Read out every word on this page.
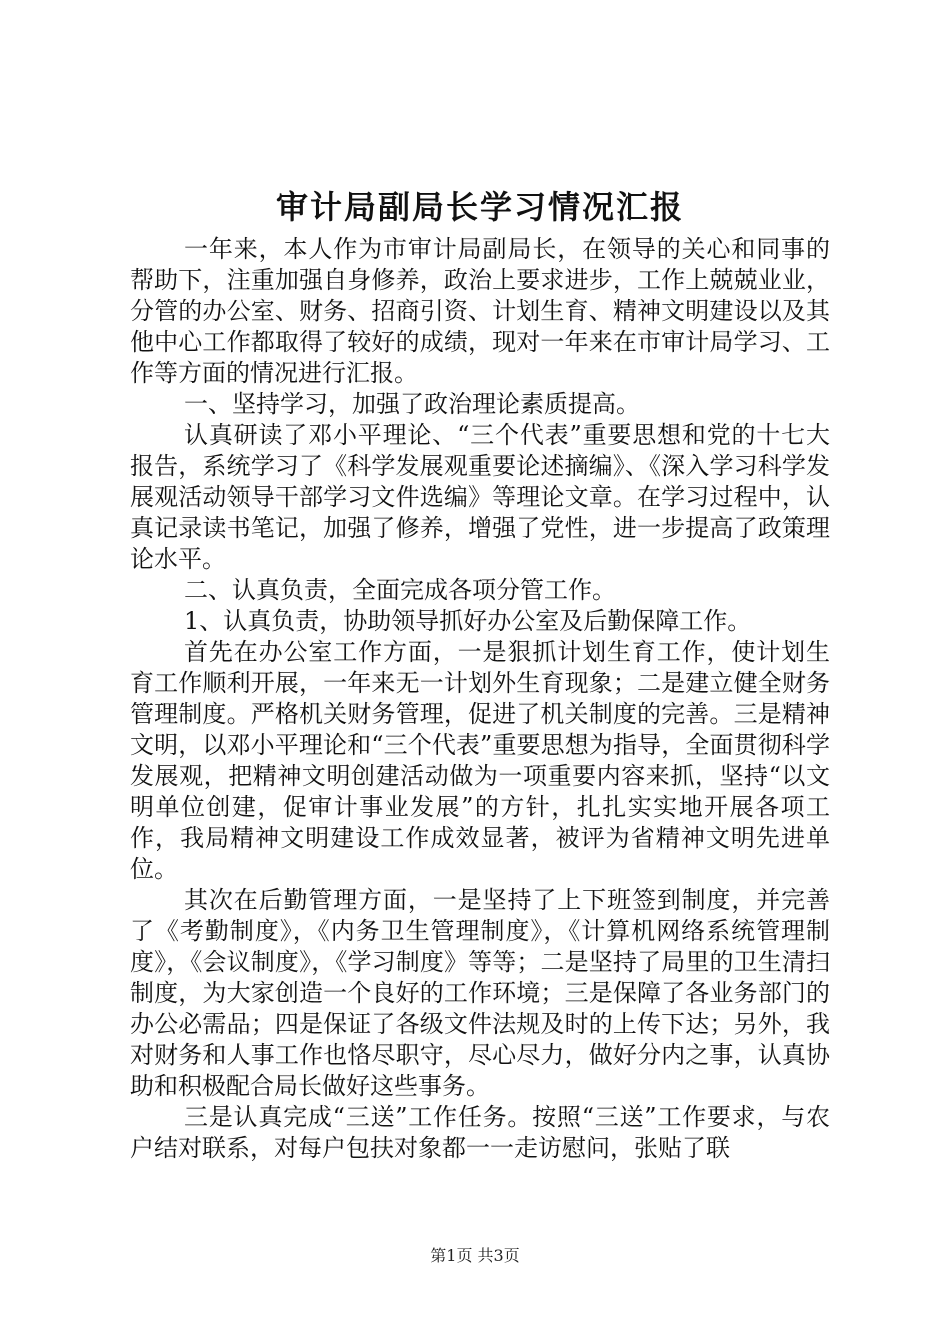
审计局副局长学习情况汇报

一年来，本人作为市审计局副局长，在领导的关心和同事的帮助下，注重加强自身修养，政治上要求进步，工作上兢兢业业，分管的办公室、财务、招商引资、计划生育、精神文明建设以及其他中心工作都取得了较好的成绩，现对一年来在市审计局学习、工作等方面的情况进行汇报。

一、坚持学习，加强了政治理论素质提高。

认真研读了邓小平理论、“三个代表”重要思想和党的十七大报告，系统学习了《科学发展观重要论述摘编》、《深入学习科学发展观活动领导干部学习文件选编》等理论文章。在学习过程中，认真记录读书笔记，加强了修养，增强了党性，进一步提高了政策理论水平。

二、认真负责，全面完成各项分管工作。

1、认真负责，协助领导抓好办公室及后勤保障工作。

首先在办公室工作方面，一是狠抓计划生育工作，使计划生育工作顺利开展，一年来无一计划外生育现象；二是建立健全财务管理制度。严格机关财务管理，促进了机关制度的完善。三是精神文明，以邓小平理论和“三个代表”重要思想为指导，全面贯彻科学发展观，把精神文明创建活动做为一项重要内容来抓，坚持“以文明单位创建，促审计事业发展”的方针，扎扎实实地开展各项工作，我局精神文明建设工作成效显著，被评为省精神文明先进单位。

其次在后勤管理方面，一是坚持了上下班签到制度，并完善了《考勤制度》，《内务卫生管理制度》，《计算机网络系统管理制度》，《会议制度》，《学习制度》等等；二是坚持了局里的卫生清扫制度，为大家创造一个良好的工作环境；三是保障了各业务部门的办公必需品；四是保证了各级文件法规及时的上传下达；另外，我对财务和人事工作也恪尽职守，尽心尽力，做好分内之事，认真协助和积极配合局长做好这些事务。

三是认真完成“三送”工作任务。按照“三送”工作要求，与农户结对联系，对每户包扶对象都一一走访慰问，张贴了联

第1页 共3页
